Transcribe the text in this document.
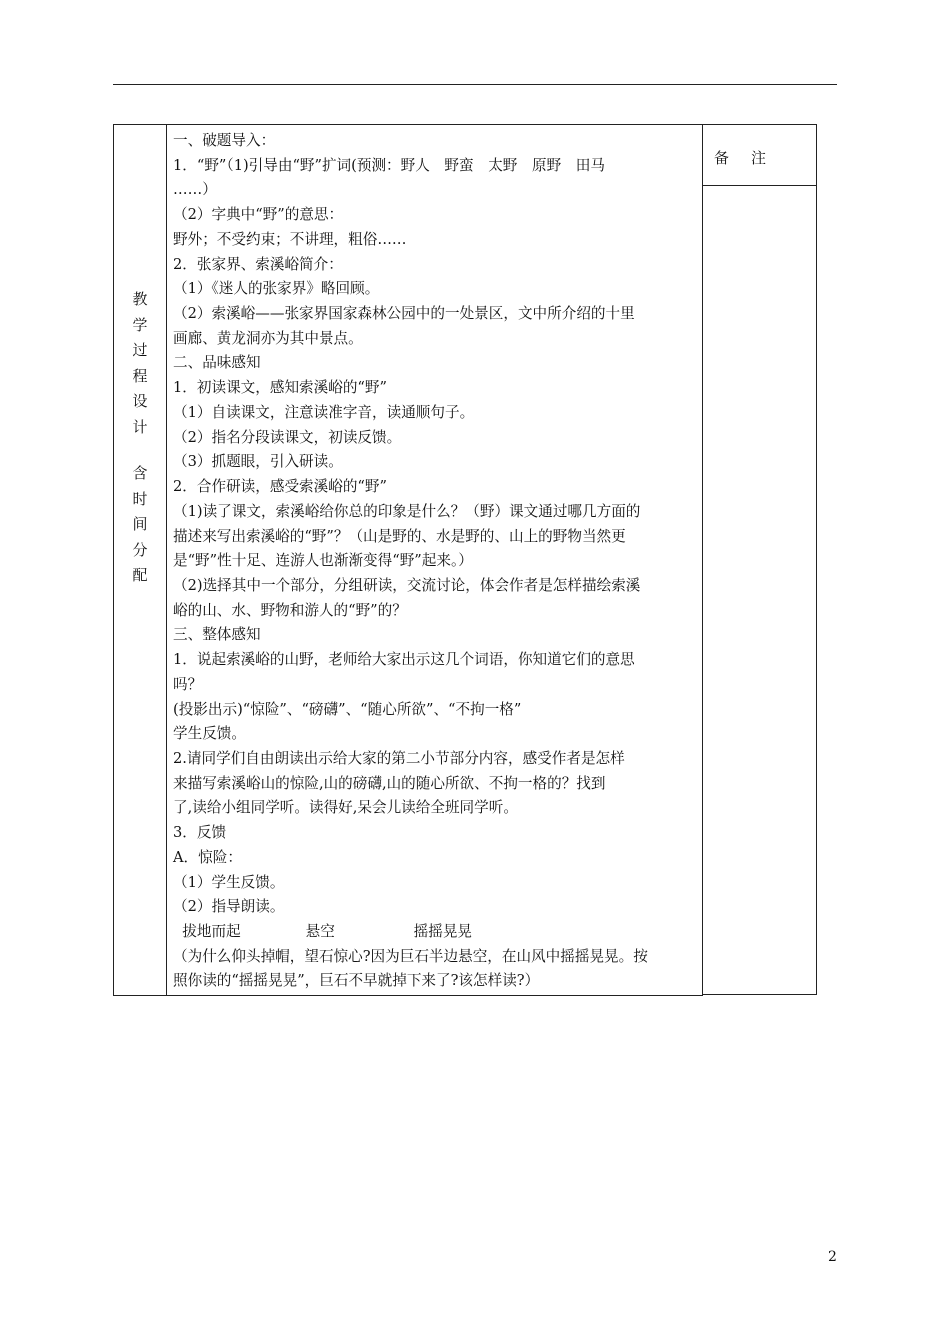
教
学
过
程
设
计
含
时
间
分
配
一、破题导入：
1．“野”（1)引导由“野”扩词(预测：野人　野蛮　太野　原野　田马
……）
（2）字典中“野”的意思：
野外；不受约束；不讲理，粗俗……
2．张家界、索溪峪简介：
（1）《迷人的张家界》略回顾。
（2）索溪峪——张家界国家森林公园中的一处景区，文中所介绍的十里
画廊、黄龙洞亦为其中景点。
二、品味感知
1．初读课文，感知索溪峪的“野”
（1）自读课文，注意读准字音，读通顺句子。
（2）指名分段读课文，初读反馈。
（3）抓题眼，引入研读。
2．合作研读，感受索溪峪的“野”
（1)读了课文，索溪峪给你总的印象是什么？（野）课文通过哪几方面的
描述来写出索溪峪的“野”？（山是野的、水是野的、山上的野物当然更
是“野”性十足、连游人也渐渐变得“野”起来。）
（2)选择其中一个部分，分组研读，交流讨论，体会作者是怎样描绘索溪
峪的山、水、野物和游人的“野”的？
三、整体感知
1．说起索溪峪的山野，老师给大家出示这几个词语，你知道它们的意思
吗？
(投影出示)“惊险”、“磅礴”、“随心所欲”、“不拘一格”
学生反馈。
2.请同学们自由朗读出示给大家的第二小节部分内容，感受作者是怎样
来描写索溪峪山的惊险,山的磅礴,山的随心所欲、不拘一格的？找到
了,读给小组同学听。读得好,呆会儿读给全班同学听。
3．反馈
A．惊险：
（1）学生反馈。
（2）指导朗读。
拔地而起              悬空                 摇摇晃晃
（为什么仰头掉帽，望石惊心?因为巨石半边悬空，在山风中摇摇晃晃。按
照你读的“摇摇晃晃”，巨石不早就掉下来了?该怎样读?）
备注
2
